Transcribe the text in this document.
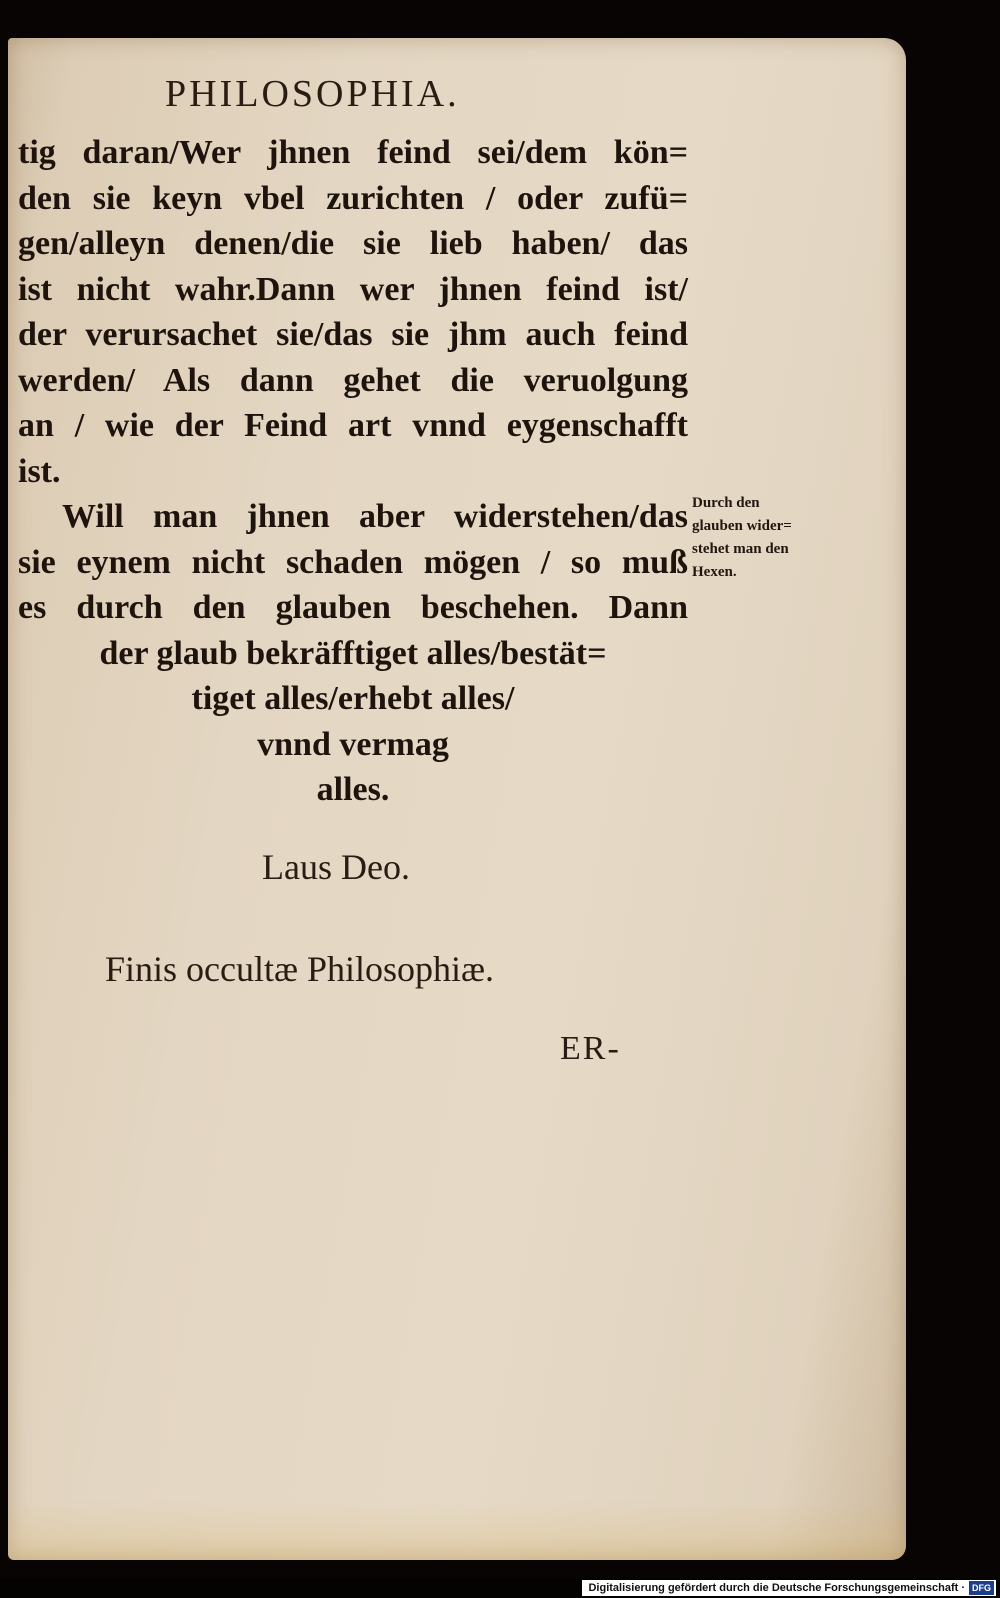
PHILOSOPHIA.
tig daran/Wer jhnen feind sei/dem kön=
den sie keyn vbel zurichten / oder zufü=
gen/alleyn denen/die sie lieb haben/ das
ist nicht wahr.Dann wer jhnen feind ist/
der verursachet sie/das sie jhm auch feind
werden/ Als dann gehet die veruolgung
an / wie der Feind art vnnd eygenschafft
ist.
Will man jhnen aber widerstehen/das
sie eynem nicht schaden mögen / so muß
es durch den glauben beschehen. Dann
der glaub bekräfftiget alles/bestät=
tiget alles/erhebt alles/
vnnd vermag
alles.
Durch den
glauben wider=
stehet man den
Hexen.
Laus Deo.
Finis occultæ Philosophiæ.
ER-
Digitalisierung gefördert durch die Deutsche Forschungsgemeinschaft · DFG
